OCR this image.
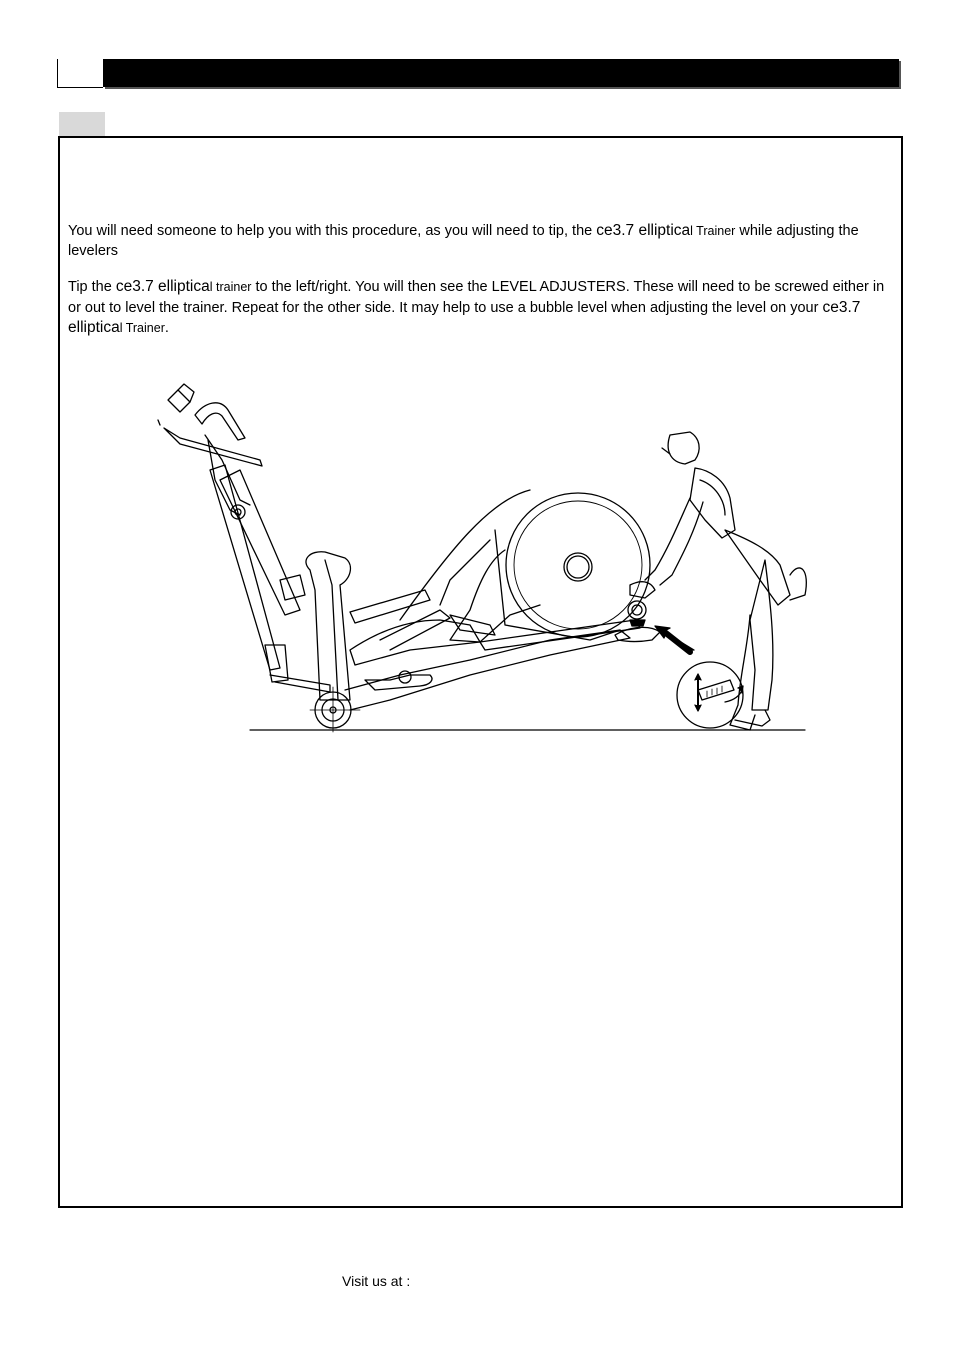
You will need someone to help you with this procedure, as you will need to tip, the ce3.7 elliptical Trainer while adjusting the levelers
Tip the ce3.7 elliptical trainer to the left/right. You will then see the LEVEL ADJUSTERS. These will need to be screwed either in or out to level the trainer. Repeat for the other side. It may help to use a bubble level when adjusting the level on your ce3.7 elliptical Trainer.
Visit us at :
